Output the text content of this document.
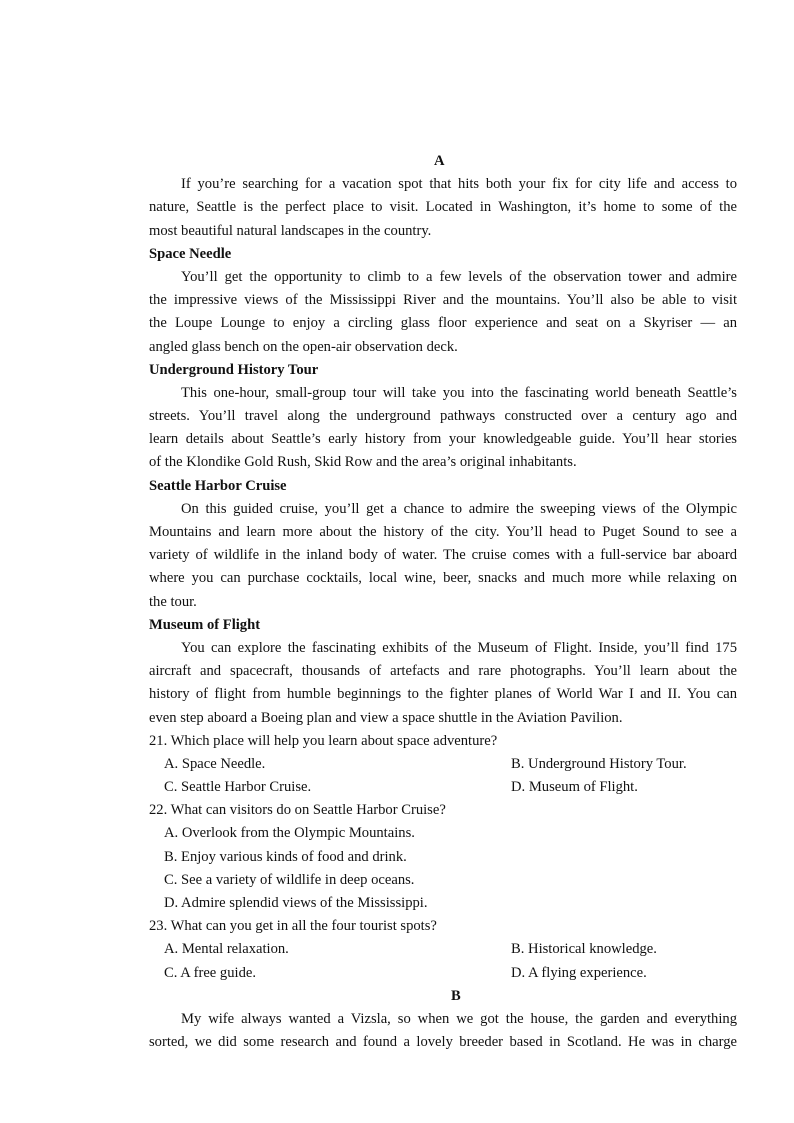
A
If you’re searching for a vacation spot that hits both your fix for city life and access to
nature, Seattle is the perfect place to visit. Located in Washington, it’s home to some of the
most beautiful natural landscapes in the country.
Space Needle
You’ll get the opportunity to climb to a few levels of the observation tower and admire
the impressive views of the Mississippi River and the mountains. You’ll also be able to visit
the Loupe Lounge to enjoy a circling glass floor experience and seat on a Skyriser — an
angled glass bench on the open-air observation deck.
Underground History Tour
This one-hour, small-group tour will take you into the fascinating world beneath Seattle’s
streets. You’ll travel along the underground pathways constructed over a century ago and
learn details about Seattle’s early history from your knowledgeable guide. You’ll hear stories
of the Klondike Gold Rush, Skid Row and the area’s original inhabitants.
Seattle Harbor Cruise
On this guided cruise, you’ll get a chance to admire the sweeping views of the Olympic
Mountains and learn more about the history of the city. You’ll head to Puget Sound to see a
variety of wildlife in the inland body of water. The cruise comes with a full-service bar aboard
where you can purchase cocktails, local wine, beer, snacks and much more while relaxing on
the tour.
Museum of Flight
You can explore the fascinating exhibits of the Museum of Flight. Inside, you’ll find 175
aircraft and spacecraft, thousands of artefacts and rare photographs. You’ll learn about the
history of flight from humble beginnings to the fighter planes of World War I and II. You can
even step aboard a Boeing plan and view a space shuttle in the Aviation Pavilion.
21. Which place will help you learn about space adventure?
A. Space Needle.	B. Underground History Tour.
C. Seattle Harbor Cruise.	D. Museum of Flight.
22. What can visitors do on Seattle Harbor Cruise?
A. Overlook from the Olympic Mountains.
B. Enjoy various kinds of food and drink.
C. See a variety of wildlife in deep oceans.
D. Admire splendid views of the Mississippi.
23. What can you get in all the four tourist spots?
A. Mental relaxation.	B. Historical knowledge.
C. A free guide.	D. A flying experience.
B
My wife always wanted a Vizsla, so when we got the house, the garden and everything
sorted, we did some research and found a lovely breeder based in Scotland. He was in charge
